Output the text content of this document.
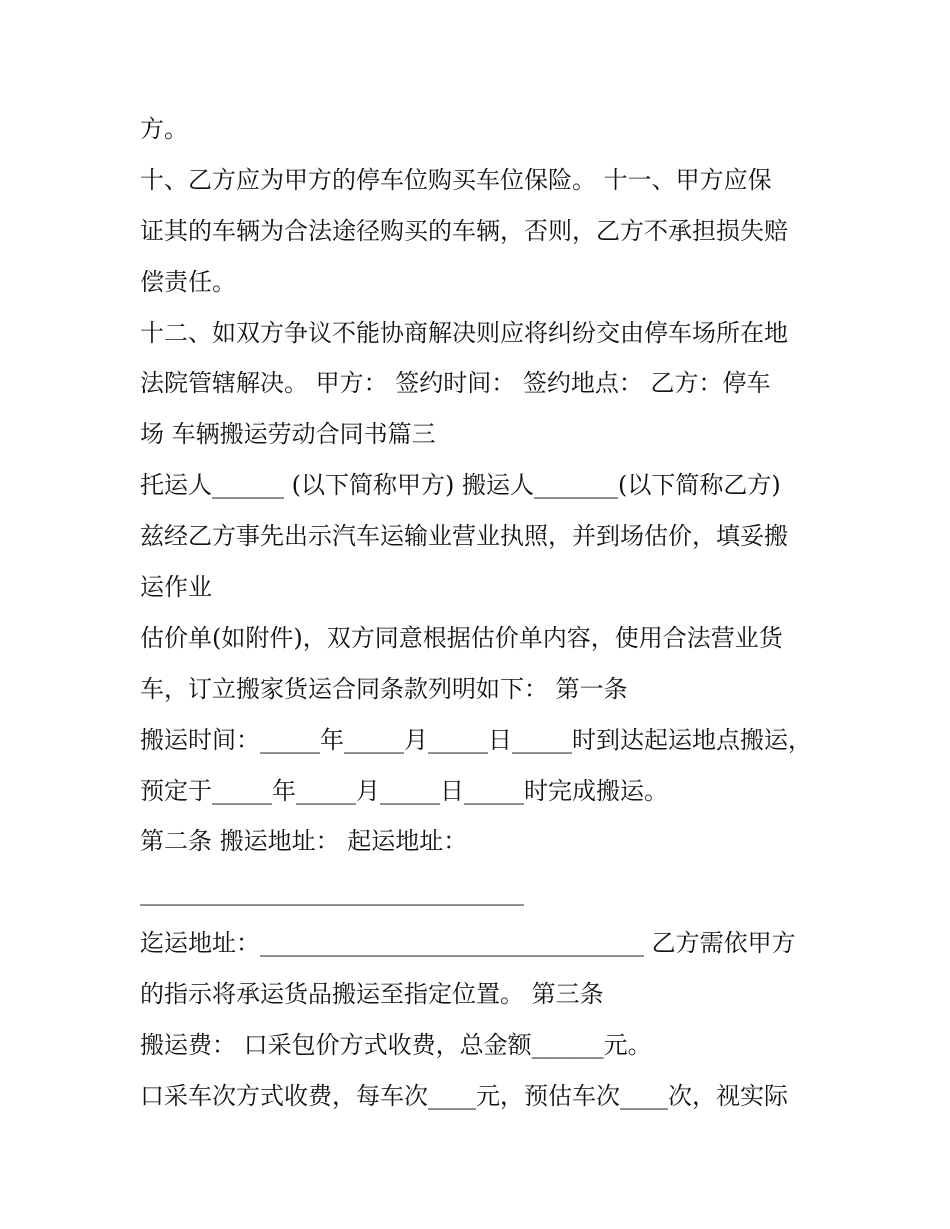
方。
十、乙方应为甲方的停车位购买车位保险。 十一、甲方应保
证其的车辆为合法途径购买的车辆，否则，乙方不承担损失赔
偿责任。
十二、如双方争议不能协商解决则应将纠纷交由停车场所在地
法院管辖解决。 甲方： 签约时间： 签约地点： 乙方：停车
场 车辆搬运劳动合同书篇三
托运人______ (以下简称甲方) 搬运人_______(以下简称乙方)
兹经乙方事先出示汽车运输业营业执照，并到场估价，填妥搬
运作业
估价单(如附件)，双方同意根据估价单内容，使用合法营业货
车，订立搬家货运合同条款列明如下： 第一条
搬运时间：_____年_____月_____日_____时到达起运地点搬运，
预定于_____年_____月_____日_____时完成搬运。
第二条 搬运地址： 起运地址：
________________________________
迄运地址：________________________________ 乙方需依甲方
的指示将承运货品搬运至指定位置。 第三条
搬运费： 口采包价方式收费，总金额______元。
口采车次方式收费，每车次____元，预估车次____次，视实际
